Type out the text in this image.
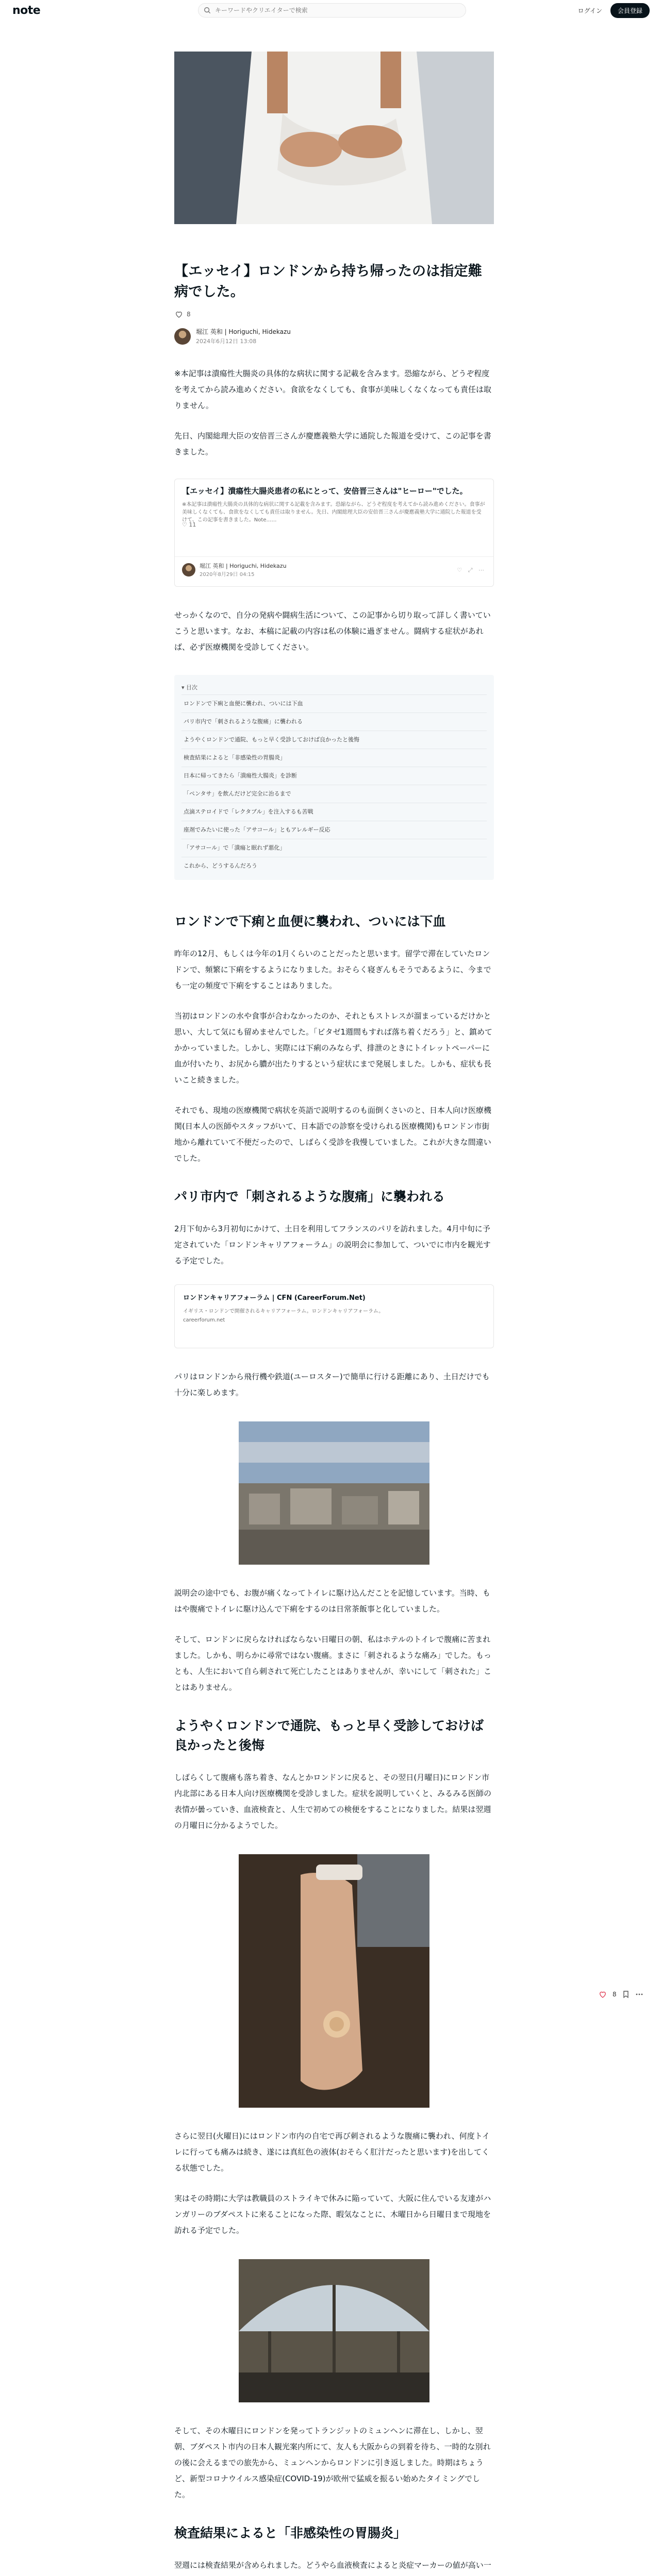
note
キーワードやクリエイターで検索	ログイン	会員登録
【エッセイ】ロンドンから持ち帰ったのは指定難病でした。
8
堀江 英和 | Horiguchi, Hidekazu
2024年6月12日 13:08

※本記事は潰瘍性大腸炎の具体的な病状に関する記載を含みます。恐縮ながら、どうぞ程度を考えてから読み進めください。食欲をなくしても、食事が美味しくなくなっても責任は取りません。

先日、内閣総理大臣の安倍晋三さんが慶應義塾大学に通院した報道を受けて、この記事を書きました。

【エッセイ】潰瘍性大腸炎患者の私にとって、安倍晋三さんは"ヒーロー"でした。
※本記事は潰瘍性大腸炎の具体的な病状に関する記載を含みます。恐縮ながら、どうぞ程度を考えてから読み進めください。食事が美味しくなくても、食欲をなくしても責任は取りません。先日、内閣総理大臣の安倍晋三さんが慶應義塾大学に通院した報道を受けて、この記事を書きました。Note……
♡ 11
堀江 英和 | Horiguchi, Hidekazu
2020年8月29日 04:15
♡ ⤢ ⋯

せっかくなので、自分の発病や闘病生活について、この記事から切り取って詳しく書いていこうと思います。なお、本稿に記載の内容は私の体験に過ぎません。闘病する症状があれば、必ず医療機関を受診してください。

▾ 目次
ロンドンで下痢と血便に襲われ、ついには下血
パリ市内で「刺されるような腹痛」に襲われる
ようやくロンドンで通院、もっと早く受診しておけば良かったと後悔
検査結果によると「非感染性の胃腸炎」
日本に帰ってきたら「潰瘍性大腸炎」を診断
「ペンタサ」を飲んだけど完全に治るまで
点滴ステロイドで「レクタブル」を注入するも苦戦
座剤でみたいに使った「アサコール」ともアレルギー反応
「アサコール」で「潰瘍と眠れず悪化」
これから、どうするんだろう
ロンドンで下痢と血便に襲われ、ついには下血

昨年の12月、もしくは今年の1月くらいのことだったと思います。留学で滞在していたロンドンで、頻繁に下痢をするようになりました。おそらく寝ぎんもそうであるように、今までも一定の頻度で下痢をすることはありました。

当初はロンドンの水や食事が合わなかったのか、それともストレスが溜まっているだけかと思い、大して気にも留めませんでした。「ビタゼ1週間もすれば落ち着くだろう」と、鎮めてかかっていました。しかし、実際には下痢のみならず、排泄のときにトイレットペーパーに血が付いたり、お尻から膿が出たりするという症状にまで発展しました。しかも、症状も長いこと続きました。

それでも、現地の医療機関で病状を英語で説明するのも面倒くさいのと、日本人向け医療機関(日本人の医師やスタッフがいて、日本語での診察を受けられる医療機関)もロンドン市街地から離れていて不便だったので、しばらく受診を我慢していました。これが大きな間違いでした。

パリ市内で「刺されるような腹痛」に襲われる

2月下旬から3月初旬にかけて、土日を利用してフランスのパリを訪れました。4月中旬に予定されていた「ロンドンキャリアフォーラム」の説明会に参加して、ついでに市内を観光する予定でした。

ロンドンキャリアフォーラム | CFN (CareerForum.Net)
イギリス・ロンドンで開催されるキャリアフォーラム。ロンドンキャリアフォーラム。
careerforum.net

パリはロンドンから飛行機や鉄道(ユーロスター)で簡単に行ける距離にあり、土日だけでも十分に楽しめます。

説明会の途中でも、お腹が痛くなってトイレに駆け込んだことを記憶しています。当時、もはや腹痛でトイレに駆け込んで下痢をするのは日常茶飯事と化していました。

そして、ロンドンに戻らなければならない日曜日の朝、私はホテルのトイレで腹痛に苦まれました。しかも、明らかに尋常ではない腹痛。まさに「刺されるような痛み」でした。もっとも、人生において自ら刺されて死亡したことはありませんが、幸いにして「刺された」ことはありません。

ようやくロンドンで通院、もっと早く受診しておけば良かったと後悔

しばらくして腹痛も落ち着き、なんとかロンドンに戻ると、その翌日(月曜日)にロンドン市内北部にある日本人向け医療機関を受診しました。症状を説明していくと、みるみる医師の表情が曇っていき、血液検査と、人生で初めての検便をすることになりました。結果は翌週の月曜日に分かるようでした。

さらに翌日(火曜日)にはロンドン市内の自宅で再び刺されるような腹痛に襲われ、何度トイレに行っても痛みは続き、遂には真紅色の液体(おそらく肛汁だったと思います)を出してくる状態でした。

実はその時期に大学は教職員のストライキで休みに陥っていて、大阪に住んでいる友達がハンガリーのブダペストに来ることになった際、暇気なことに、木曜日から日曜日まで現地を訪れる予定でした。

そして、その木曜日にロンドンを発ってトランジットのミュンヘンに滞在し、しかし、翌朝、ブダペスト市内の日本人観光案内所にて、友人も大阪からの到着を待ち、一時的な別れの後に会えるまでの旅先から、ミュンヘンからロンドンに引き返しました。時期はちょうど、新型コロナウイルス感染症(COVID-19)が欧州で猛威を振るい始めたタイミングでした。

検査結果によると「非感染性の胃腸炎」

翌週には検査結果が含められました。どうやら血液検査によると炎症マーカーの値が高い一

8
